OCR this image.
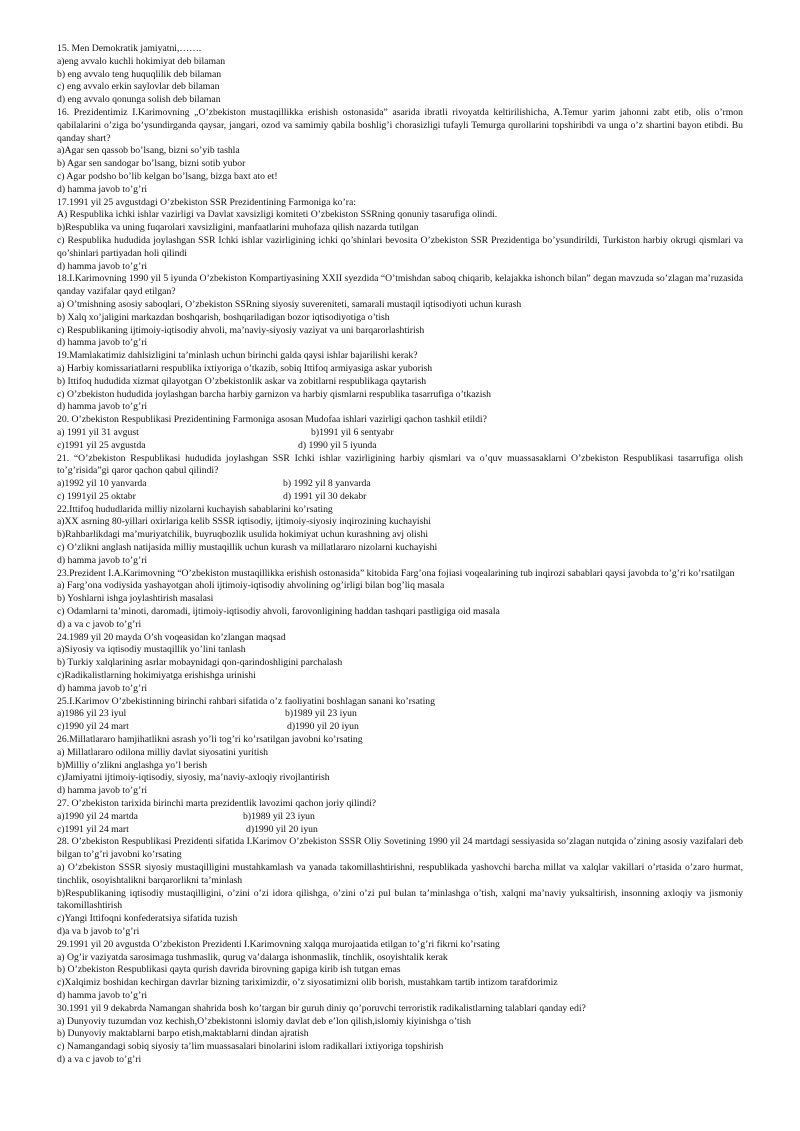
15. Men Demokratik jamiyatni,…….
a)eng avvalo kuchli hokimiyat deb bilaman
b) eng avvalo teng huquqlilik deb bilaman
c) eng avvalo erkin saylovlar deb bilaman
d) eng avvalo qonunga solish deb bilaman
16. Prezidentimiz I.Karimovning „O’zbekiston mustaqillikka erishish ostonasida” asarida ibratli rivoyatda keltirilishicha, A.Temur yarim jahonni zabt etib, olis o’rmon qabilalarini o’ziga bo’ysundirganda qaysar, jangari, ozod va samimiy qabila boshlig’i chorasizligi tufayli Temurga qurollarini topshiribdi va unga o’z shartini bayon etibdi. Bu qanday shart?
a)Agar sen qassob bo’lsang, bizni so’yib tashla
b) Agar sen sandogar bo’lsang, bizni sotib yubor
c) Agar podsho bo’lib kelgan bo’lsang, bizga baxt ato et!
d) hamma javob to’g’ri
17.1991 yil 25 avgustdagi O’zbekiston SSR Prezidentining Farmoniga ko’ra:
A) Respublika ichki ishlar vazirligi va Davlat xavsizligi komiteti O’zbekiston SSRning qonuniy tasarufiga olindi.
b)Respublika va uning fuqarolari xavsizligini, manfaatlarini muhofaza qilish nazarda tutilgan
c) Respublika hududida joylashgan SSR Ichki ishlar vazirligining ichki qo’shinlari bevosita O’zbekiston SSR Prezidentiga bo’ysundirildi, Turkiston harbiy okrugi qismlari va qo’shinlari partiyadan holi qilindi
d) hamma javob to’g’ri
18.I.Karimovning 1990 yil 5 iyunda O’zbekiston Kompartiyasining XXII syezdida “O’tmishdan saboq chiqarib, kelajakka ishonch bilan” degan mavzuda so’zlagan ma’ruzasida qanday vazifalar qayd etilgan?
a) O’tmishning asosiy saboqlari, O’zbekiston SSRning siyosiy suvereniteti, samarali mustaqil iqtisodiyoti uchun kurash
b) Xalq xo’jaligini markazdan boshqarish, boshqariladigan bozor iqtisodiyotiga o’tish
c) Respublikaning ijtimoiy-iqtisodiy ahvoli, ma’naviy-siyosiy vaziyat va uni barqarorlashtirish
d) hamma javob to’g’ri
19.Mamlakatimiz dahlsizligini ta’minlash uchun birinchi galda qaysi ishlar bajarilishi kerak?
a) Harbiy komissariatlarni respublika ixtiyoriga o’tkazib, sobiq Ittifoq armiyasiga askar yuborish
b) Ittifoq hududida xizmat qilayotgan O’zbekistonlik askar va zobitlarni respublikaga qaytarish
c) O’zbekiston hududida joylashgan barcha harbiy garnizon va harbiy qismlarni respublika tasarrufiga o’tkazish
d) hamma javob to’g’ri
20. O’zbekiston Respublikasi Prezidentining Farmoniga asosan Mudofaa ishlari vazirligi qachon tashkil etildi?
a) 1991 yil 31 avgust	b)1991 yil 6 sentyabr
c)1991 yil 25 avgustda	d) 1990 yil 5 iyunda
21. “O’zbekiston Respublikasi hududida joylashgan SSR Ichki ishlar vazirligining harbiy qismlari va o’quv muassasaklarni O’zbekiston Respublikasi tasarrufiga olish to’g’risida”gi qaror qachon qabul qilindi?
a)1992 yil 10 yanvarda	b) 1992 yil 8 yanvarda
c) 1991yil 25 oktabr	d) 1991 yil 30 dekabr
22.Ittifoq hududlarida milliy nizolarni kuchayish sabablarini ko’rsating
a)XX asrning 80-yillari oxirlariga kelib SSSR iqtisodiy, ijtimoiy-siyosiy inqirozining kuchayishi
b)Rahbarlikdagi ma’muriyatchilik, buyruqbozlik usulida hokimiyat uchun kurashning avj olishi
c) O’zlikni anglash natijasida milliy mustaqillik uchun kurash va millatlararo nizolarni kuchayishi
d) hamma javob to’g’ri
23.Prezident I.A.Karimovning “O’zbekiston mustaqillikka erishish ostonasida” kitobida Farg’ona fojiasi voqealarining tub inqirozi sabablari qaysi javobda to’g’ri ko’rsatilgan
a) Farg’ona vodiysida yashayotgan aholi ijtimoiy-iqtisodiy ahvolining og’irligi bilan bog’liq masala
b) Yoshlarni ishga joylashtirish masalasi
c) Odamlarni ta’minoti, daromadi, ijtimoiy-iqtisodiy ahvoli, farovonligining haddan tashqari pastligiga oid masala
d) a va c javob to’g’ri
24.1989 yil 20 mayda O’sh voqeasidan ko’zlangan maqsad
a)Siyosiy va iqtisodiy mustaqillik yo’lini tanlash
b) Turkiy xalqlarining asrlar mobaynidagi qon-qarindoshligini parchalash
c)Radikalistlarning hokimiyatga erishishga urinishi
d) hamma javob to’g’ri
25.I.Karimov O’zbekistinning birinchi rahbari sifatida o’z faoliyatini boshlagan sanani ko’rsating
a)1986 yil 23 iyul	b)1989 yil 23 iyun
c)1990 yil 24 mart	d)1990 yil 20 iyun
26.Millatlararo hamjihatlikni asrash yo’li tog’ri ko’rsatilgan javobni ko’rsating
a) Millatlararo odilona milliy davlat siyosatini yuritish
b)Milliy o’zlikni anglashga yo’l berish
c)Jamiyatni ijtimoiy-iqtisodiy, siyosiy, ma’naviy-axloqiy rivojlantirish
d) hamma javob to’g’ri
27. O’zbekiston tarixida birinchi marta prezidentlik lavozimi qachon joriy qilindi?
a)1990 yil 24 martda	b)1989 yil 23 iyun
c)1991 yil 24 mart	d)1990 yil 20 iyun
28. O’zbekiston Respublikasi Prezidenti sifatida I.Karimov O’zbekiston SSSR Oliy Sovetining 1990 yil 24 martdagi sessiyasida so’zlagan nutqida o’zining asosiy vazifalari deb bilgan to’g’ri javobni ko’rsating
a) O’zbekiston SSSR siyosiy mustaqilligini mustahkamlash va yanada takomillashtirishni, respublikada yashovchi barcha millat va xalqlar vakillari o’rtasida o’zaro hurmat, tinchlik, osoyishtalikni barqarorlikni ta’minlash
b)Respublikaning iqtisodiy mustaqilligini, o’zini o’zi idora qilishga, o’zini o’zi pul bulan ta’minlashga o’tish, xalqni ma’naviy yuksaltirish, insonning axloqiy va jismoniy takomillashtirish
c)Yangi Ittifoqni konfederatsiya sifatida tuzish
d)a va b javob to’g’ri
29.1991 yil 20 avgustda O’zbekiston Prezidenti I.Karimovning xalqqa murojaatida etilgan to’g’ri fikrni ko’rsating
a) Og’ir vaziyatda sarosimaga tushmaslik, qurug va’dalarga ishonmaslik, tinchlik, osoyishtalik kerak
b) O’zbekiston Respublikasi qayta qurish davrida birovning gapiga kirib ish tutgan emas
c)Xalqimiz boshidan kechirgan davrlar bizning tariximizdir, o’z siyosatimizni olib borish, mustahkam tartib intizom tarafdorimiz
d) hamma javob to’g’ri
30.1991 yil 9 dekabrda Namangan shahrida bosh ko’targan bir guruh diniy qo’poruvchi terroristik radikalistlarning talablari qanday edi?
a) Dunyoviy tuzumdan voz kechish,O’zbekistonni islomiy davlat deb e’lon qilish,islomiy kiyinishga o’tish
b) Dunyoviy maktablarni barpo etish,maktablarni dindan ajratish
c) Namangandagi sobiq siyosiy ta’lim muassasalari binolarini islom radikallari ixtiyoriga topshirish
d) a va c javob to’g’ri
